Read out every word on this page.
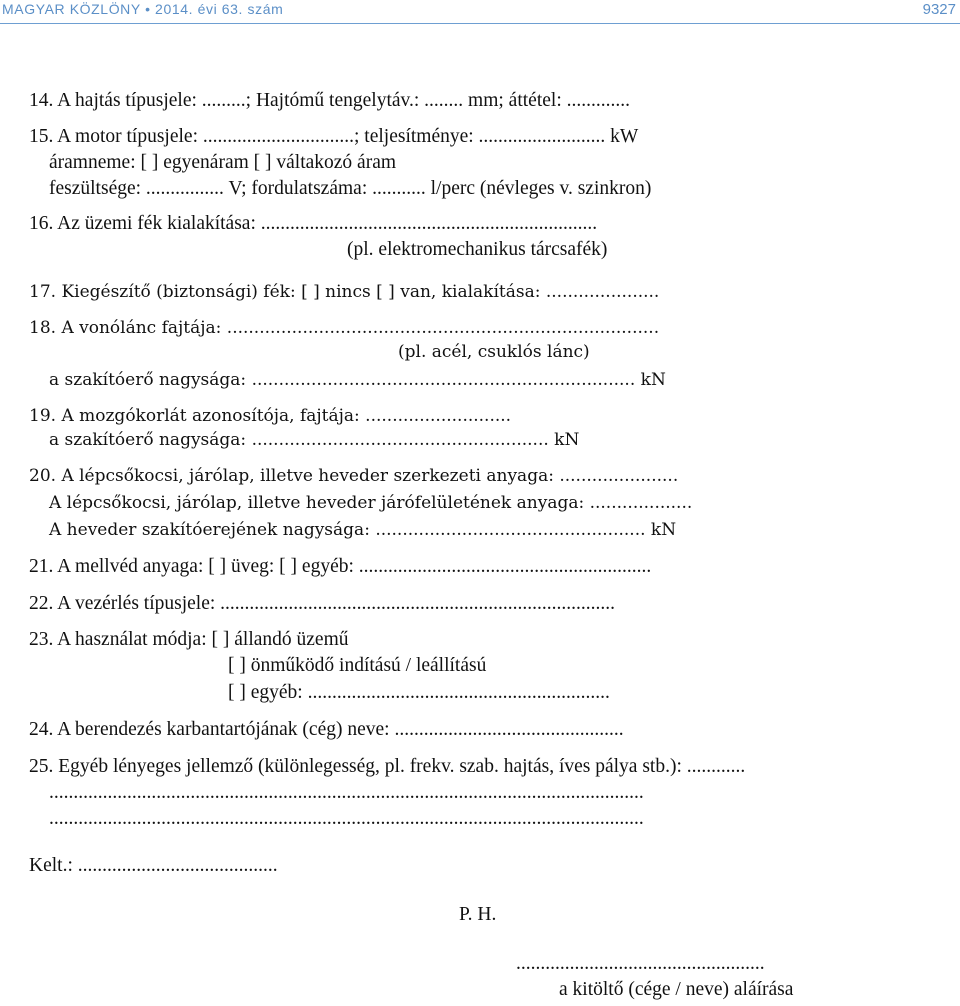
MAGYAR KÖZLÖNY • 2014. évi 63. szám	9327
14. A hajtás típusjele: .........; Hajtómű tengelytáv.: ........ mm; áttétel: .............
15. A motor típusjele: ...............................; teljesítménye: .......................... kW
áramneme: [ ] egyenáram [ ] váltakozó áram
feszültsége: ................ V; fordulatszáma: ........... l/perc (névleges v. szinkron)
16. Az üzemi fék kialakítása: .....................................................................
(pl. elektromechanikus tárcsafék)
17. Kiegészítő (biztonsági) fék: [ ] nincs [ ] van, kialakítása: .....................
18. A vonólánc fajtája: ................................................................................
(pl. acél, csuklós lánc)
a szakítóerő nagysága: ....................................................................... kN
19. A mozgókorlát azonosítója, fajtája: ...........................
a szakítóerő nagysága: ....................................................... kN
20. A lépcsőkocsi, járólap, illetve heveder szerkezeti anyaga: ......................
A lépcsőkocsi, járólap, illetve heveder járófelületének anyaga: ...................
A heveder szakítóerejének nagysága: .................................................. kN
21. A mellvéd anyaga: [ ] üveg: [ ] egyéb: ............................................................
22. A vezérlés típusjele: .................................................................................
23. A használat módja: [ ] állandó üzemű
[ ] önműködő indítású / leállítású
[ ] egyéb: ..............................................................
24. A berendezés karbantartójának (cég) neve: ...............................................
25. Egyéb lényeges jellemző (különlegesség, pl. frekv. szab. hajtás, íves pálya stb.): ............
..........................................................................................................................
..........................................................................................................................
Kelt.: .........................................
P. H.
...................................................
a kitöltő (cége / neve) aláírása
